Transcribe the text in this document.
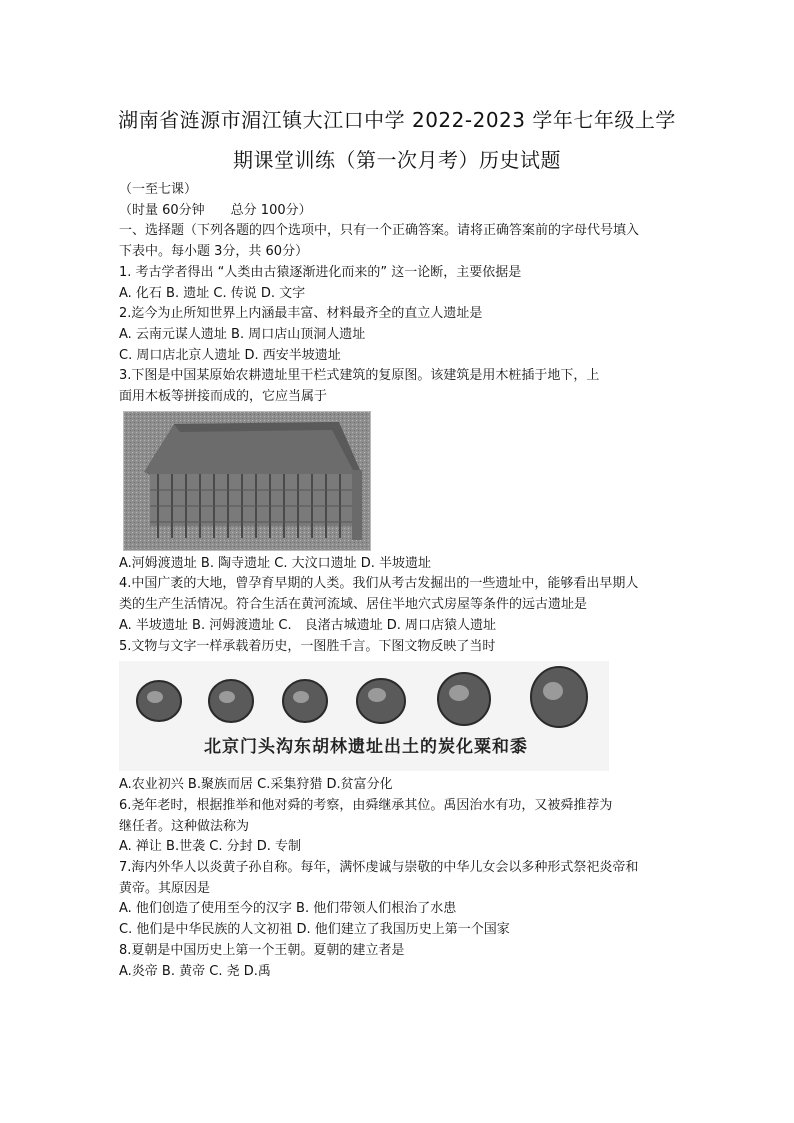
湖南省涟源市湄江镇大江口中学 2022-2023 学年七年级上学
期课堂训练（第一次月考）历史试题

（一至七课）

（时量 60分钟　　总分 100分）

一、选择题（下列各题的四个选项中，只有一个正确答案。请将正确答案前的字母代号填入

下表中。每小题 3分，共 60分）

1. 考古学者得出 “人类由古猿逐渐进化而来的” 这一论断，主要依据是

A. 化石 B. 遗址 C. 传说 D. 文字

2.迄今为止所知世界上内涵最丰富、材料最齐全的直立人遗址是

A. 云南元谋人遗址 B. 周口店山顶洞人遗址

C. 周口店北京人遗址 D. 西安半坡遗址

3.下图是中国某原始农耕遗址里干栏式建筑的复原图。该建筑是用木桩插于地下，上

面用木板等拼接而成的，它应当属于

A.河姆渡遗址 B. 陶寺遗址 C. 大汶口遗址 D. 半坡遗址

4.中国广袤的大地，曾孕育早期的人类。我们从考古发掘出的一些遗址中，能够看出早期人

类的生产生活情况。符合生活在黄河流域、居住半地穴式房屋等条件的远古遗址是

A. 半坡遗址 B. 河姆渡遗址 C.　良渚古城遗址 D. 周口店猿人遗址

5.文物与文字一样承载着历史，一图胜千言。下图文物反映了当时

北京门头沟东胡林遗址出土的炭化粟和黍

A.农业初兴 B.聚族而居 C.采集狩猎 D.贫富分化

6.尧年老时，根据推举和他对舜的考察，由舜继承其位。禹因治水有功，又被舜推荐为

继任者。这种做法称为

A. 禅让 B.世袭 C. 分封 D. 专制

7.海内外华人以炎黄子孙自称。每年，满怀虔诚与崇敬的中华儿女会以多种形式祭祀炎帝和

黄帝。其原因是

A. 他们创造了使用至今的汉字 B. 他们带领人们根治了水患

C. 他们是中华民族的人文初祖 D. 他们建立了我国历史上第一个国家

8.夏朝是中国历史上第一个王朝。夏朝的建立者是

A.炎帝 B. 黄帝 C. 尧 D.禹
